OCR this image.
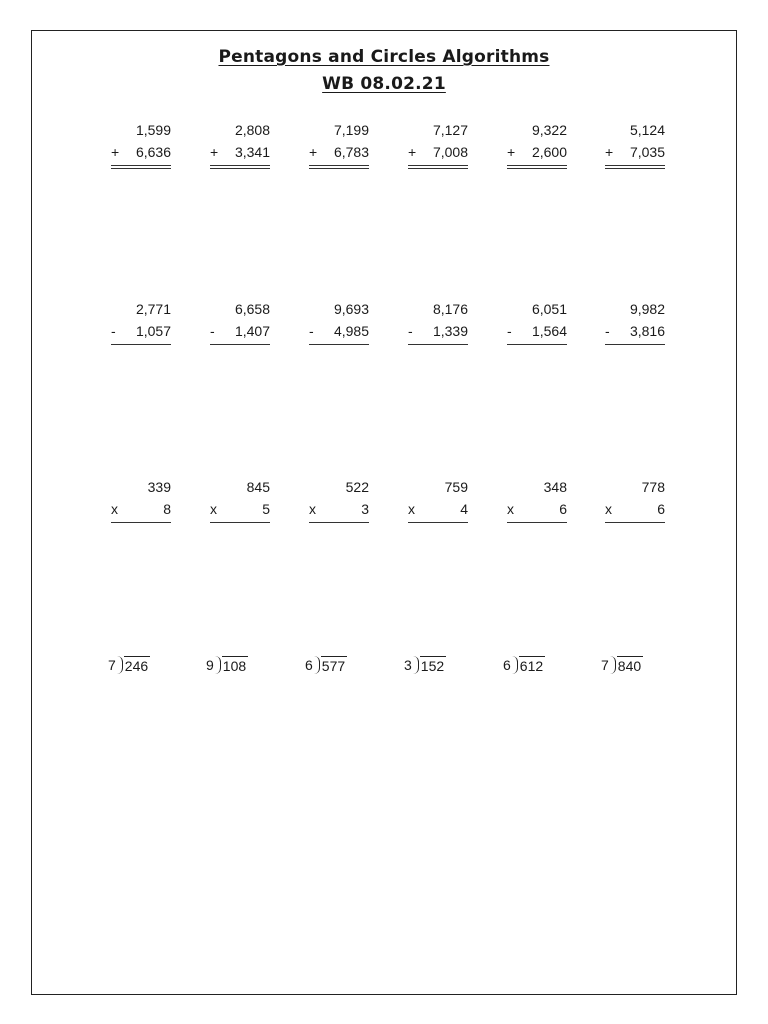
Pentagons and Circles Algorithms
WB 08.02.21
1,599
+ 6,636
2,808
+ 3,341
7,199
+ 6,783
7,127
+ 7,008
9,322
+ 2,600
5,124
+ 7,035
2,771
- 1,057
6,658
- 1,407
9,693
- 4,985
8,176
- 1,339
6,051
- 1,564
9,982
- 3,816
339
x	8
845
x	5
522
x	3
759
x	4
348
x	6
778
x	6
7 246	9 108	6 577	3 152	6 612	7 840
